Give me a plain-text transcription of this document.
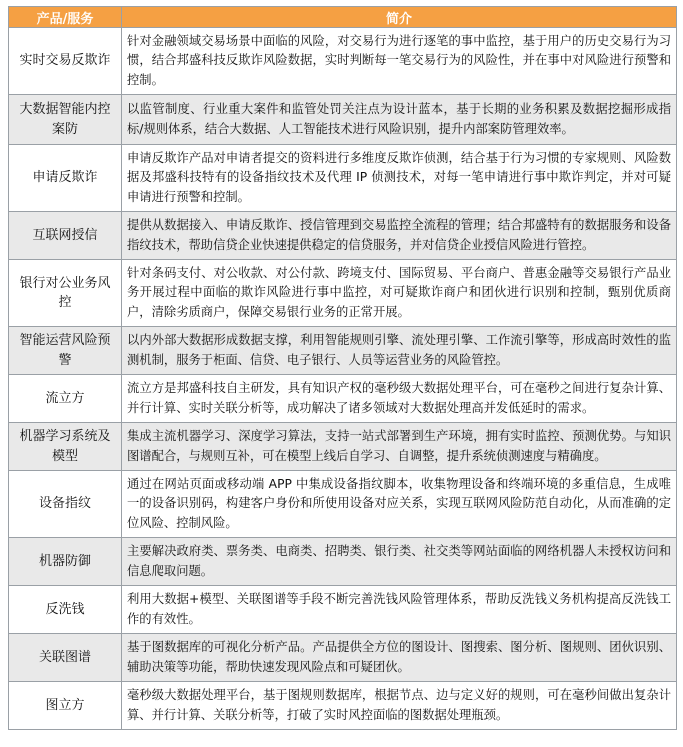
产品/服务	简介
实时交易反欺诈	针对金融领域交易场景中面临的风险，对交易行为进行逐笔的事中监控，基于用户的历史交易行为习惯，结合邦盛科技反欺诈风险数据，实时判断每一笔交易行为的风险性，并在事中对风险进行预警和控制。
大数据智能内控案防	以监管制度、行业重大案件和监管处罚关注点为设计蓝本，基于长期的业务积累及数据挖掘形成指标/规则体系，结合大数据、人工智能技术进行风险识别，提升内部案防管理效率。
申请反欺诈	申请反欺诈产品对申请者提交的资料进行多维度反欺诈侦测，结合基于行为习惯的专家规则、风险数据及邦盛科技特有的设备指纹技术及代理 IP 侦测技术，对每一笔申请进行事中欺诈判定，并对可疑申请进行预警和控制。
互联网授信	提供从数据接入、申请反欺诈、授信管理到交易监控全流程的管理；结合邦盛特有的数据服务和设备指纹技术，帮助信贷企业快速提供稳定的信贷服务，并对信贷企业授信风险进行管控。
银行对公业务风控	针对条码支付、对公收款、对公付款、跨境支付、国际贸易、平台商户、普惠金融等交易银行产品业务开展过程中面临的欺诈风险进行事中监控，对可疑欺诈商户和团伙进行识别和控制，甄别优质商户，清除劣质商户，保障交易银行业务的正常开展。
智能运营风险预警	以内外部大数据形成数据支撑，利用智能规则引擎、流处理引擎、工作流引擎等，形成高时效性的监测机制，服务于柜面、信贷、电子银行、人员等运营业务的风险管控。
流立方	流立方是邦盛科技自主研发，具有知识产权的毫秒级大数据处理平台，可在毫秒之间进行复杂计算、并行计算、实时关联分析等，成功解决了诸多领域对大数据处理高并发低延时的需求。
机器学习系统及模型	集成主流机器学习、深度学习算法，支持一站式部署到生产环境，拥有实时监控、预测优势。与知识图谱配合，与规则互补，可在模型上线后自学习、自调整，提升系统侦测速度与精确度。
设备指纹	通过在网站页面或移动端 APP 中集成设备指纹脚本，收集物理设备和终端环境的多重信息，生成唯一的设备识别码，构建客户身份和所使用设备对应关系，实现互联网风险防范自动化，从而准确的定位风险、控制风险。
机器防御	主要解决政府类、票务类、电商类、招聘类、银行类、社交类等网站面临的网络机器人未授权访问和信息爬取问题。
反洗钱	利用大数据+模型、关联图谱等手段不断完善洗钱风险管理体系，帮助反洗钱义务机构提高反洗钱工作的有效性。
关联图谱	基于图数据库的可视化分析产品。产品提供全方位的图设计、图搜索、图分析、图规则、团伙识别、辅助决策等功能，帮助快速发现风险点和可疑团伙。
图立方	毫秒级大数据处理平台，基于图规则数据库，根据节点、边与定义好的规则，可在毫秒间做出复杂计算、并行计算、关联分析等，打破了实时风控面临的图数据处理瓶颈。
